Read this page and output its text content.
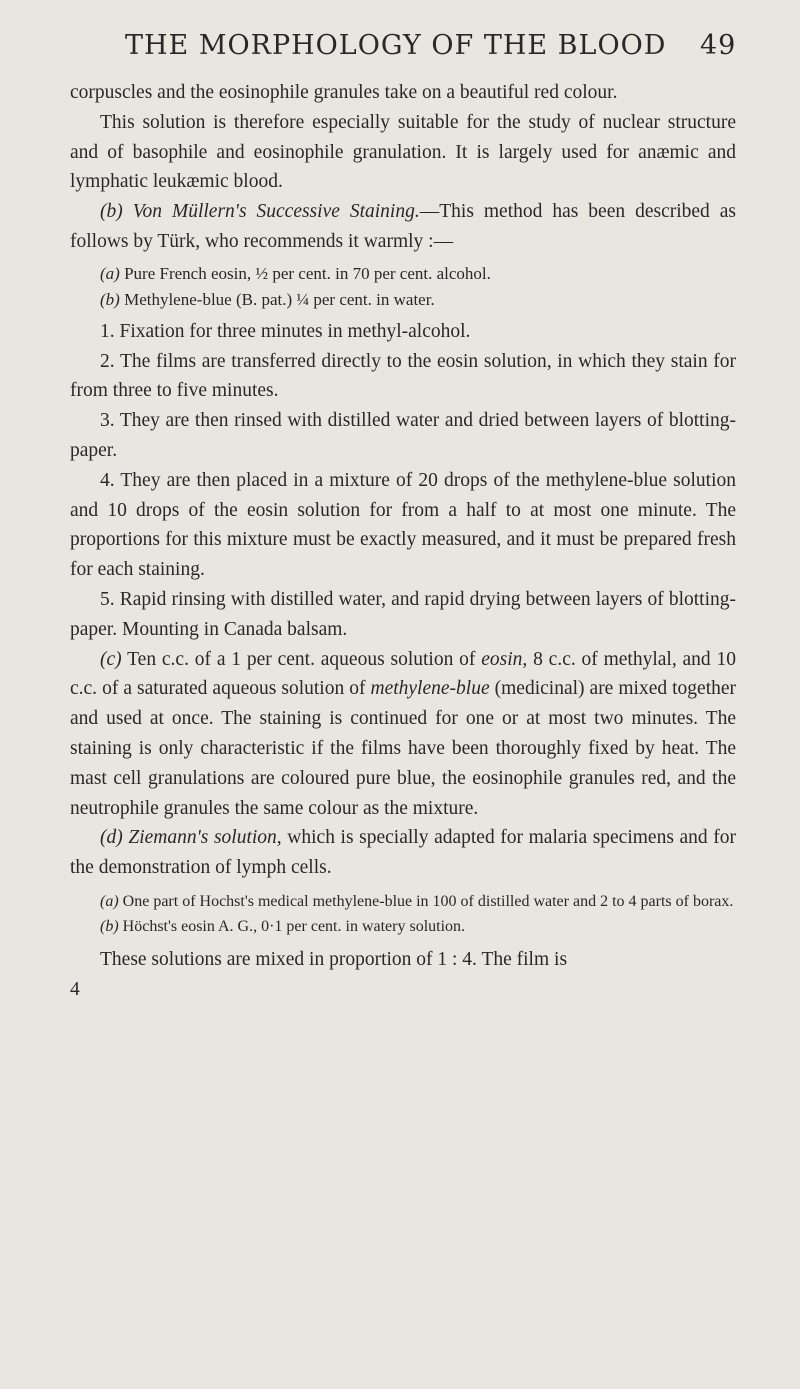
THE MORPHOLOGY OF THE BLOOD 49

corpuscles and the eosinophile granules take on a beautiful red colour.

This solution is therefore especially suitable for the study of nuclear structure and of basophile and eosinophile granulation. It is largely used for anæmic and lymphatic leukæmic blood.

(b) Von Müllern's Successive Staining.—This method has been described as follows by Türk, who recommends it warmly :—

(a) Pure French eosin, ½ per cent. in 70 per cent. alcohol.
(b) Methylene-blue (B. pat.) ¼ per cent. in water.

1. Fixation for three minutes in methyl-alcohol.

2. The films are transferred directly to the eosin solution, in which they stain for from three to five minutes.

3. They are then rinsed with distilled water and dried between layers of blotting-paper.

4. They are then placed in a mixture of 20 drops of the methylene-blue solution and 10 drops of the eosin solution for from a half to at most one minute. The proportions for this mixture must be exactly measured, and it must be prepared fresh for each staining.

5. Rapid rinsing with distilled water, and rapid drying between layers of blotting-paper. Mounting in Canada balsam.

(c) Ten c.c. of a 1 per cent. aqueous solution of eosin, 8 c.c. of methylal, and 10 c.c. of a saturated aqueous solution of methylene-blue (medicinal) are mixed together and used at once. The staining is continued for one or at most two minutes. The staining is only characteristic if the films have been thoroughly fixed by heat. The mast cell granulations are coloured pure blue, the eosinophile granules red, and the neutrophile granules the same colour as the mixture.

(d) Ziemann's solution, which is specially adapted for malaria specimens and for the demonstration of lymph cells.

(a) One part of Hochst's medical methylene-blue in 100 of distilled water and 2 to 4 parts of borax.
(b) Höchst's eosin A. G., 0·1 per cent. in watery solution.

These solutions are mixed in proportion of 1 : 4. The film is

4
